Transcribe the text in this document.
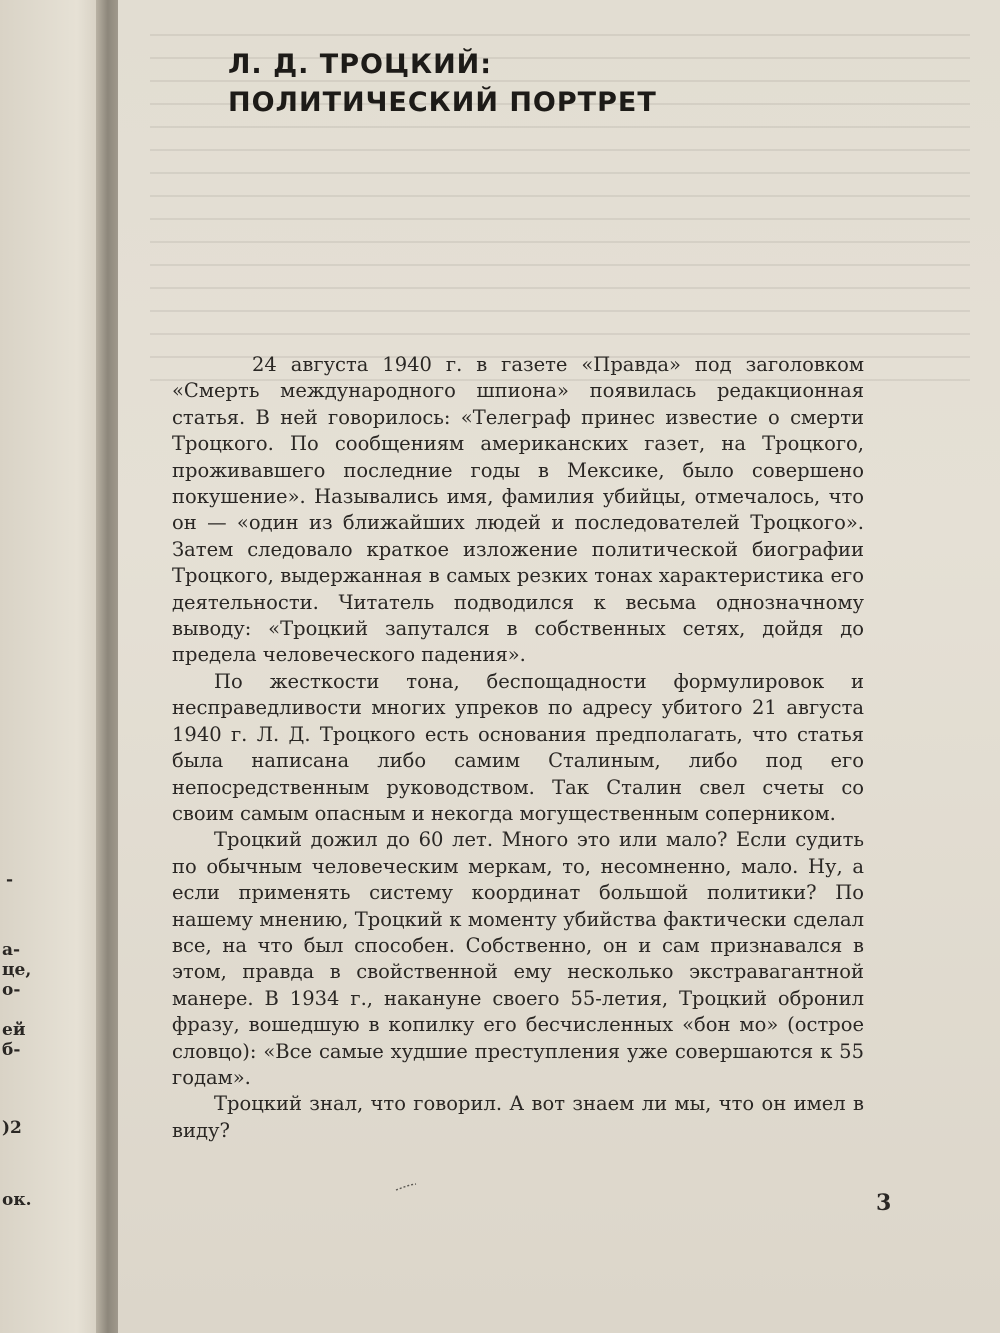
-
а-
це,
о-
ей
б-
)2
ок.
Л. Д. ТРОЦКИЙ:
ПОЛИТИЧЕСКИЙ ПОРТРЕТ

24 августа 1940 г. в газете «Правда» под заголовком «Смерть международного шпиона» появилась редакционная статья. В ней говорилось: «Телеграф принес известие о смерти Троцкого. По сообщениям американских газет, на Троцкого, проживавшего последние годы в Мексике, было совершено покушение». Назывались имя, фамилия убийцы, отмечалось, что он — «один из ближайших людей и последователей Троцкого». Затем следовало краткое изложение политической биографии Троцкого, выдержанная в самых резких тонах характеристика его деятельности. Читатель подводился к весьма однозначному выводу: «Троцкий запутался в собственных сетях, дойдя до предела человеческого падения».

По жесткости тона, беспощадности формулировок и несправедливости многих упреков по адресу убитого 21 августа 1940 г. Л. Д. Троцкого есть основания предполагать, что статья была написана либо самим Сталиным, либо под его непосредственным руководством. Так Сталин свел счеты со своим самым опасным и некогда могущественным соперником.

Троцкий дожил до 60 лет. Много это или мало? Если судить по обычным человеческим меркам, то, несомненно, мало. Ну, а если применять систему координат большой политики? По нашему мнению, Троцкий к моменту убийства фактически сделал все, на что был способен. Собственно, он и сам признавался в этом, правда в свойственной ему несколько экстравагантной манере. В 1934 г., накануне своего 55-летия, Троцкий обронил фразу, вошедшую в копилку его бесчисленных «бон мо» (острое словцо): «Все самые худшие преступления уже совершаются к 55 годам».

Троцкий знал, что говорил. А вот знаем ли мы, что он имел в виду?

3
